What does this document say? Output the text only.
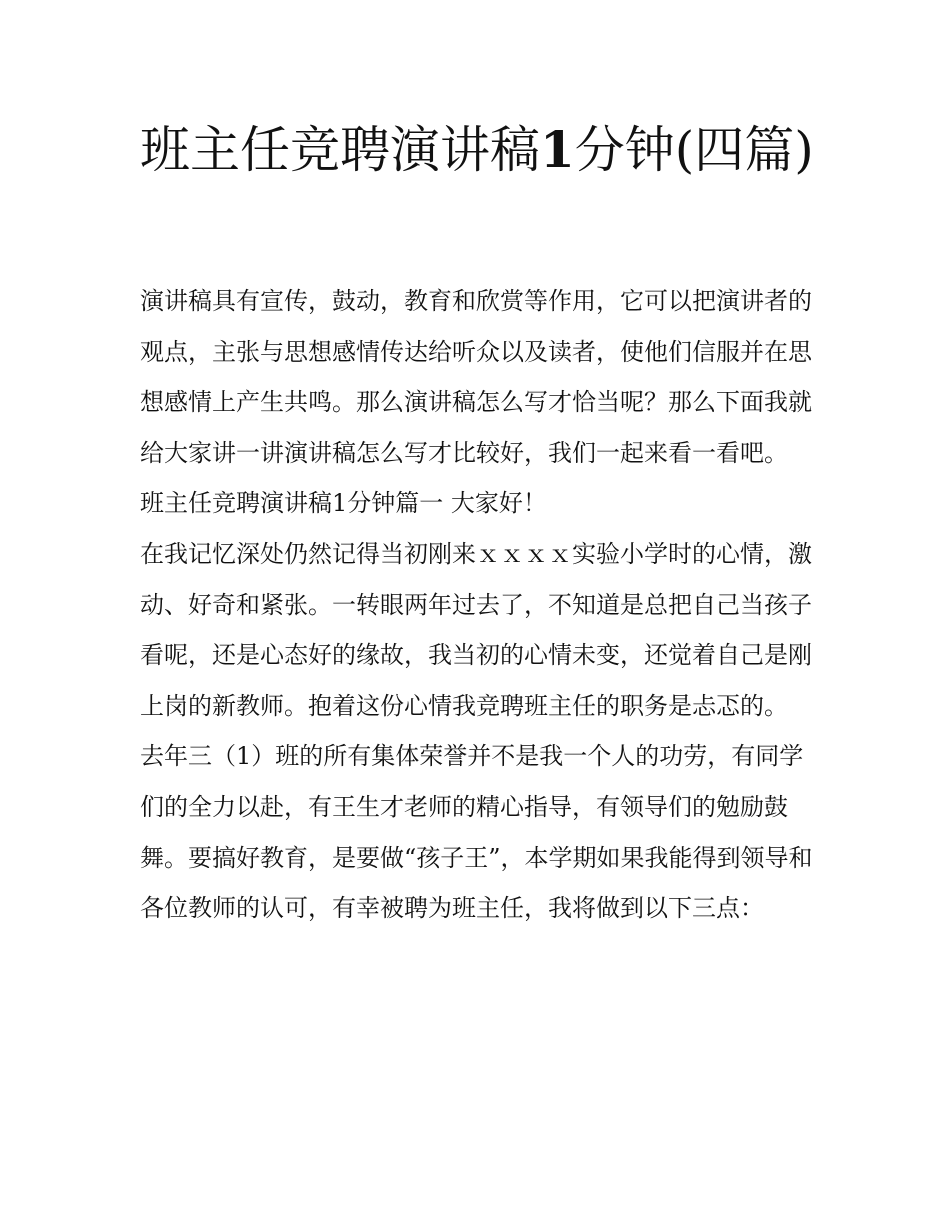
班主任竞聘演讲稿1分钟(四篇)

演讲稿具有宣传，鼓动，教育和欣赏等作用，它可以把演讲者的观点，主张与思想感情传达给听众以及读者，使他们信服并在思想感情上产生共鸣。那么演讲稿怎么写才恰当呢？那么下面我就给大家讲一讲演讲稿怎么写才比较好，我们一起来看一看吧。

班主任竞聘演讲稿1分钟篇一 大家好！

在我记忆深处仍然记得当初刚来ｘｘｘｘ实验小学时的心情，激动、好奇和紧张。一转眼两年过去了，不知道是总把自己当孩子看呢，还是心态好的缘故，我当初的心情未变，还觉着自己是刚上岗的新教师。抱着这份心情我竞聘班主任的职务是忐忑的。

去年三（1）班的所有集体荣誉并不是我一个人的功劳，有同学们的全力以赴，有王生才老师的精心指导，有领导们的勉励鼓舞。要搞好教育，是要做“孩子王”，本学期如果我能得到领导和各位教师的认可，有幸被聘为班主任，我将做到以下三点：
